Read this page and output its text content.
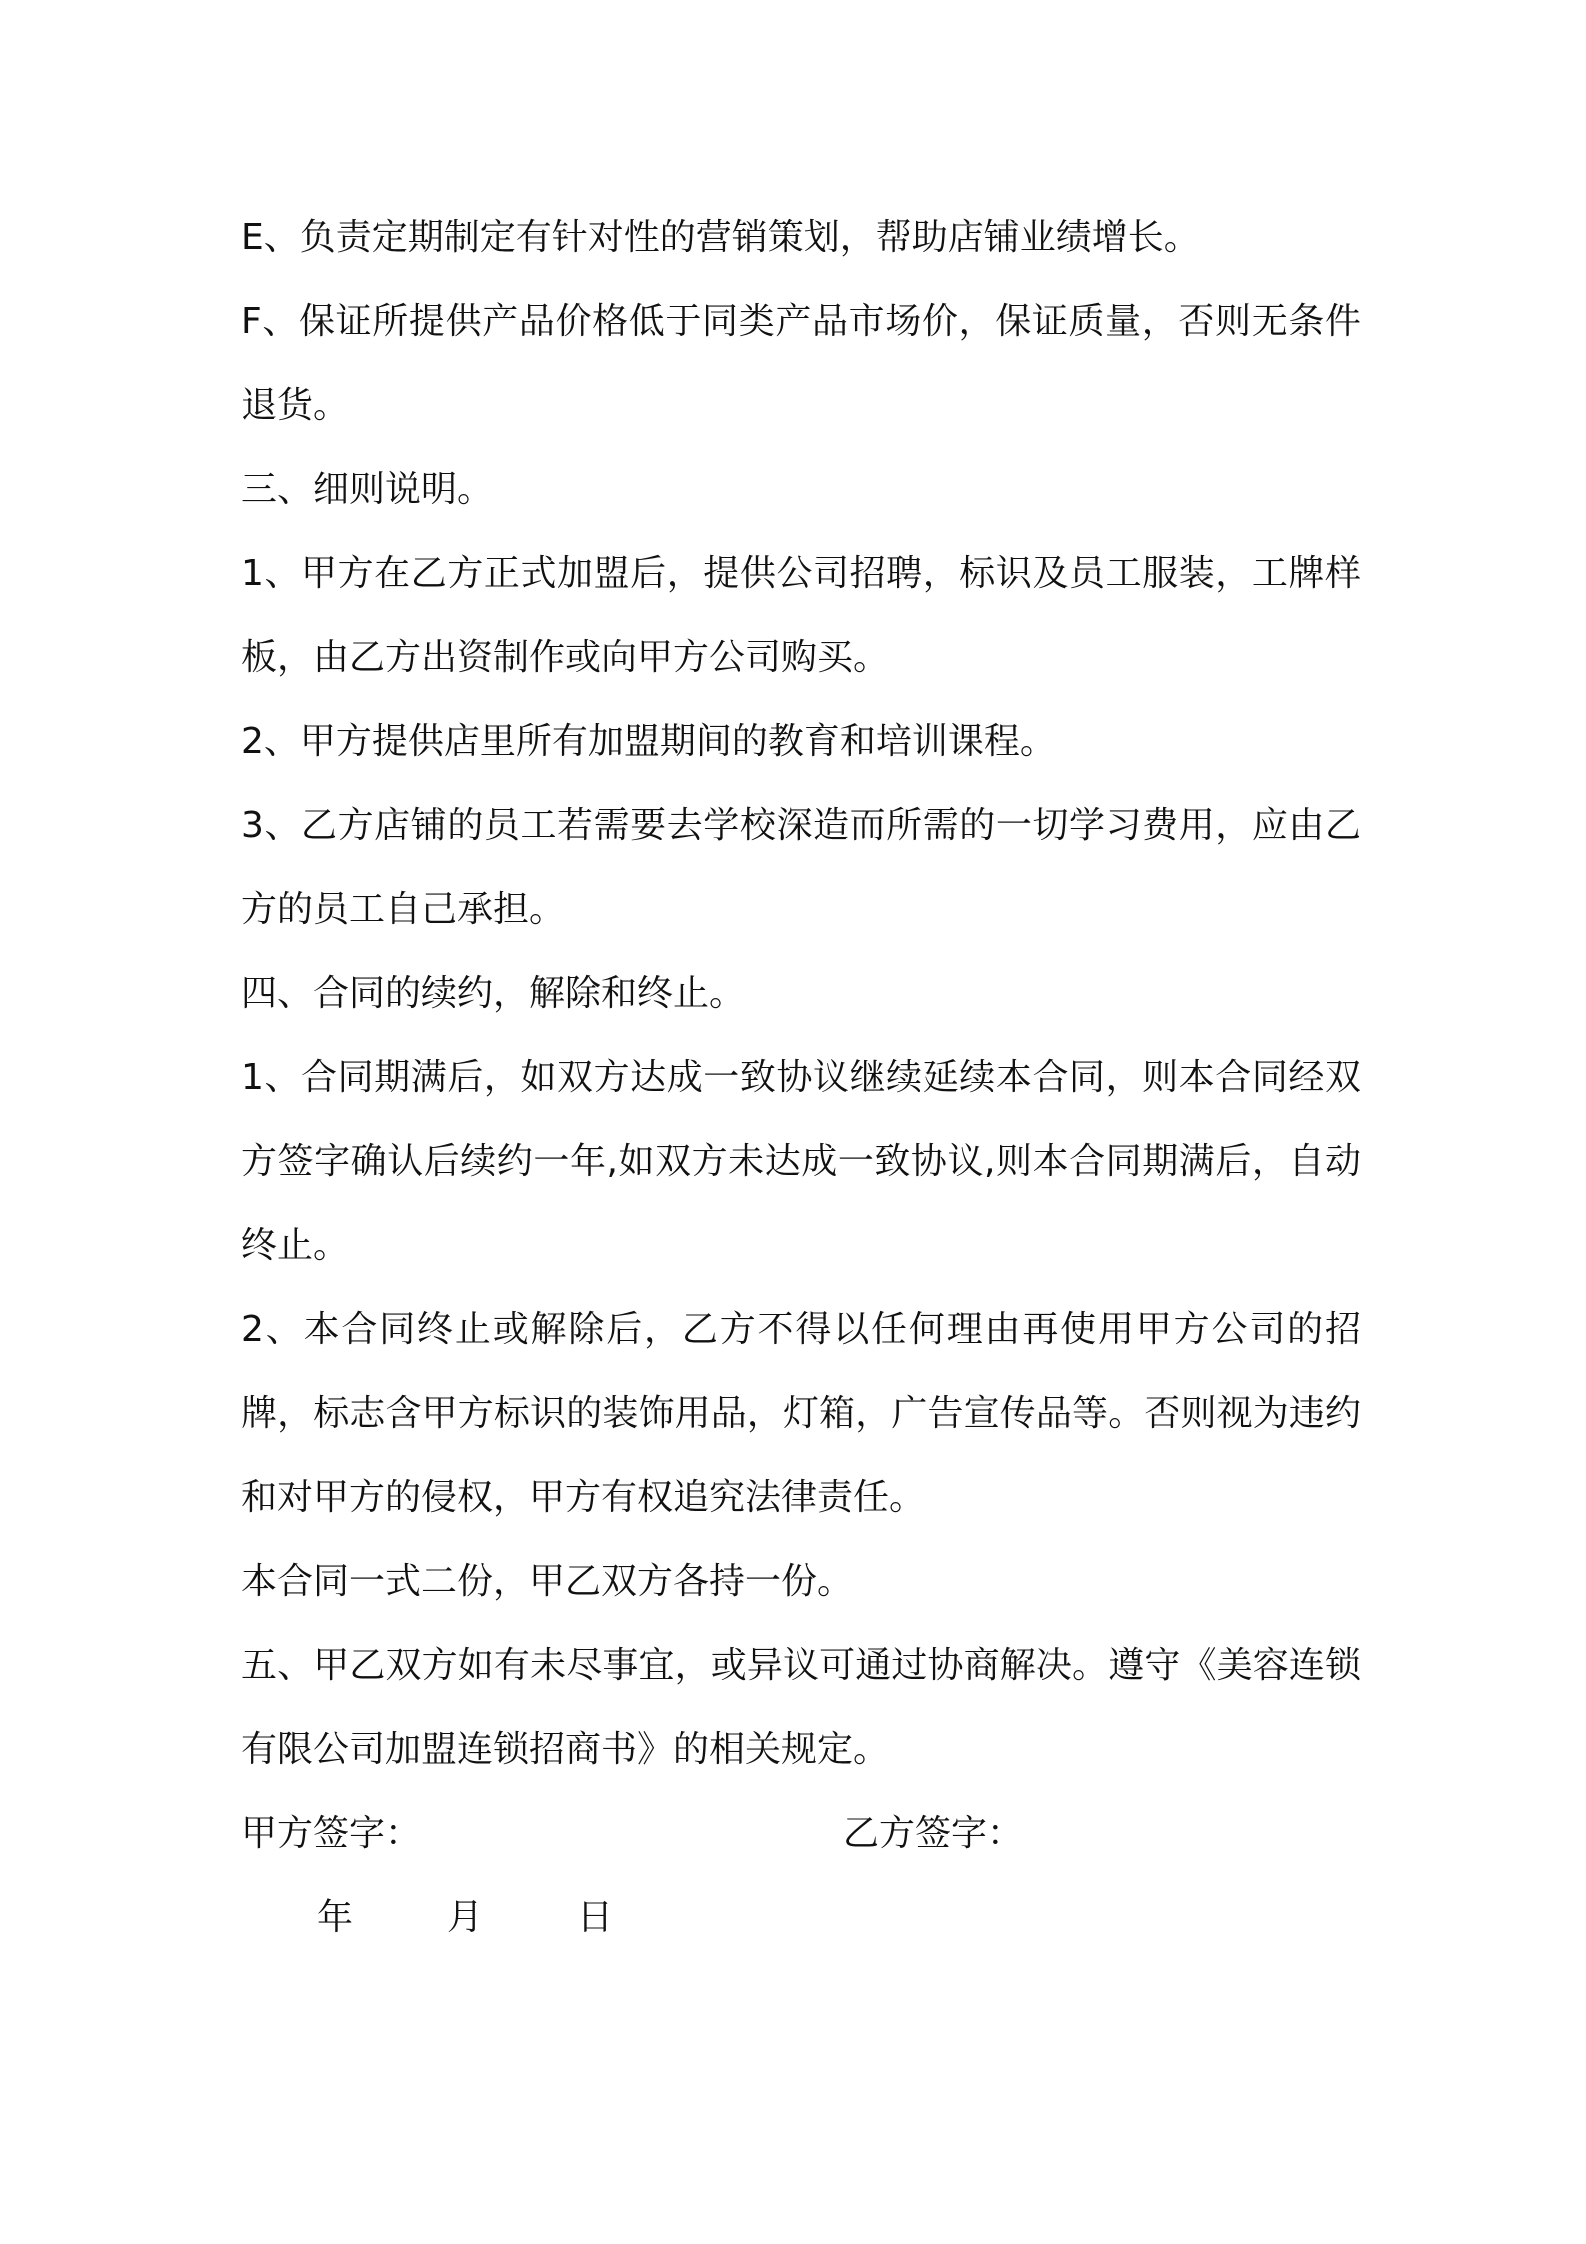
E、负责定期制定有针对性的营销策划，帮助店铺业绩增长。

F、保证所提供产品价格低于同类产品市场价，保证质量，否则无条件退货。

三、细则说明。

1、甲方在乙方正式加盟后，提供公司招聘，标识及员工服装，工牌样板，由乙方出资制作或向甲方公司购买。

2、甲方提供店里所有加盟期间的教育和培训课程。

3、乙方店铺的员工若需要去学校深造而所需的一切学习费用，应由乙方的员工自己承担。

四、合同的续约，解除和终止。

1、合同期满后，如双方达成一致协议继续延续本合同，则本合同经双方签字确认后续约一年,如双方未达成一致协议,则本合同期满后，自动终止。

2、本合同终止或解除后，乙方不得以任何理由再使用甲方公司的招牌，标志含甲方标识的装饰用品，灯箱，广告宣传品等。否则视为违约和对甲方的侵权，甲方有权追究法律责任。

本合同一式二份，甲乙双方各持一份。

五、甲乙双方如有未尽事宜，或异议可通过协商解决。遵守《美容连锁有限公司加盟连锁招商书》的相关规定。

甲方签字：	乙方签字：
年	月	日
